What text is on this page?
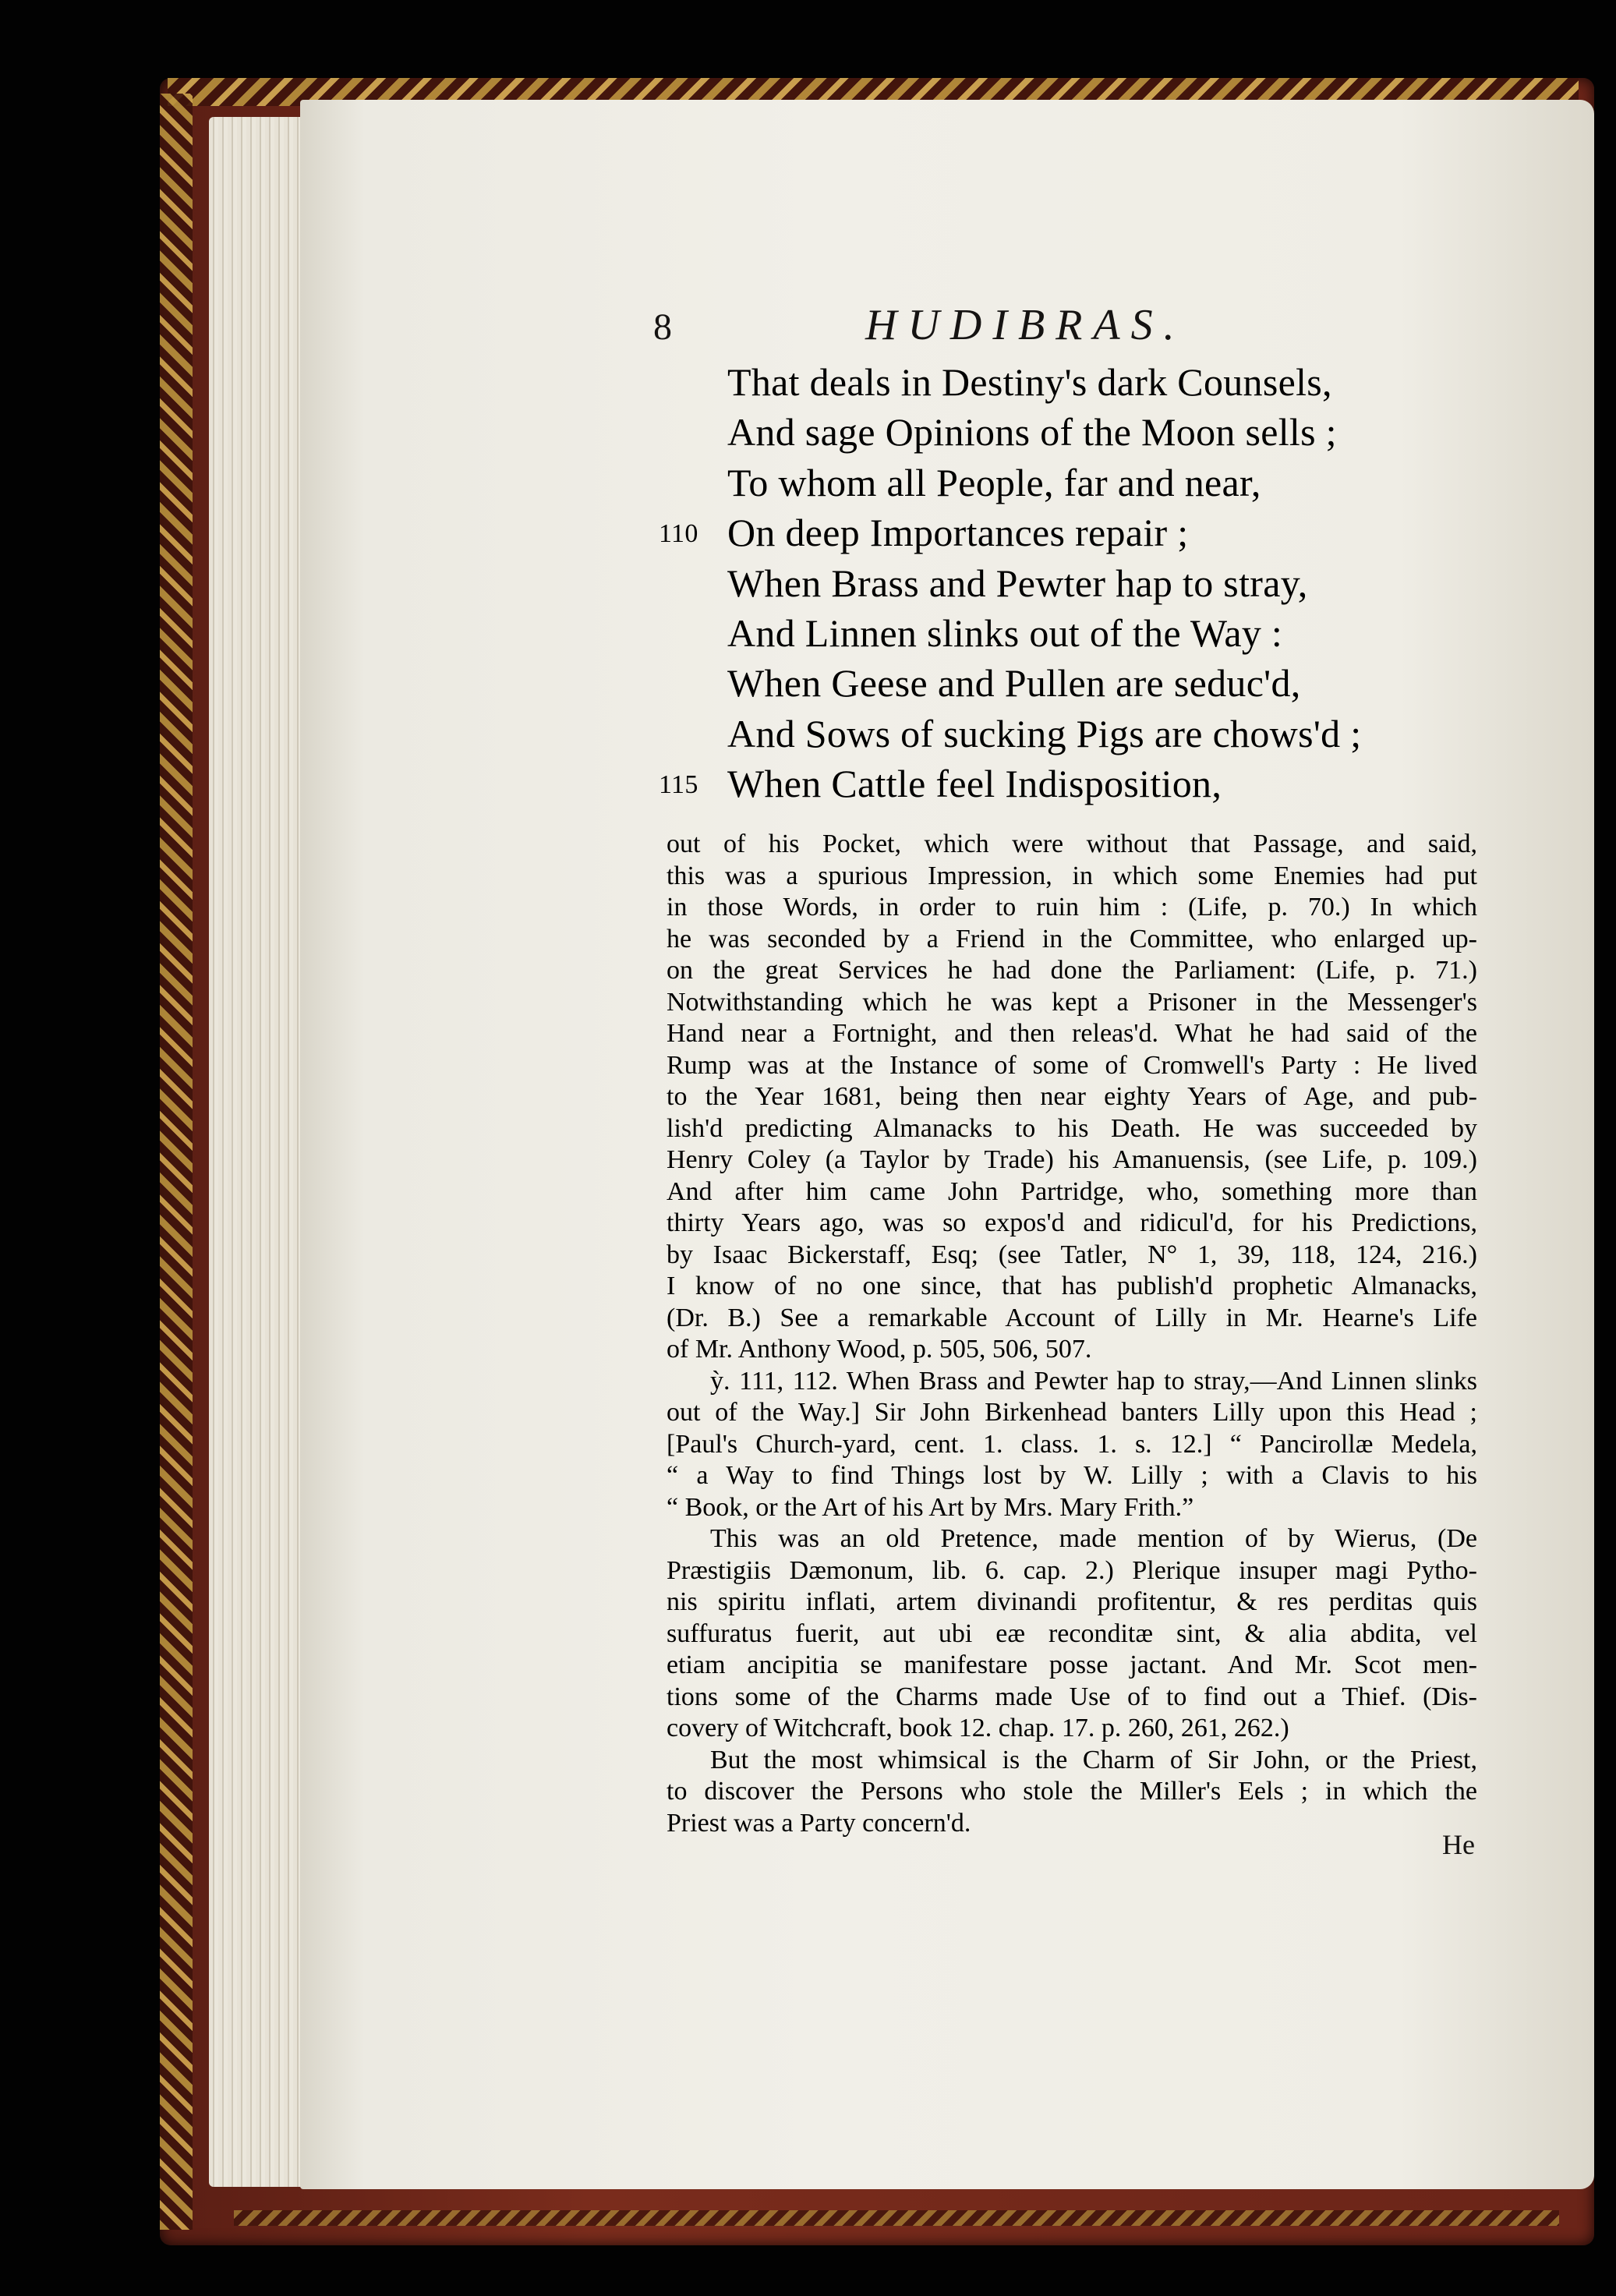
8	HUDIBRAS.
That deals in Destiny's dark Counsels,
And sage Opinions of the Moon sells ;
To whom all People, far and near,
110 On deep Importances repair ;
When Brass and Pewter hap to stray,
And Linnen slinks out of the Way :
When Geese and Pullen are seduc'd,
And Sows of sucking Pigs are chows'd ;
115 When Cattle feel Indisposition,
out of his Pocket, which were without that Passage, and said,
this was a spurious Impression, in which some Enemies had put
in those Words, in order to ruin him : (Life, p. 70.) In which
he was seconded by a Friend in the Committee, who enlarged up-
on the great Services he had done the Parliament: (Life, p. 71.)
Notwithstanding which he was kept a Prisoner in the Messenger's
Hand near a Fortnight, and then releas'd. What he had said of the
Rump was at the Instance of some of Cromwell's Party : He lived
to the Year 1681, being then near eighty Years of Age, and pub-
lish'd predicting Almanacks to his Death. He was succeeded by
Henry Coley (a Taylor by Trade) his Amanuensis, (see Life, p. 109.)
And after him came John Partridge, who, something more than
thirty Years ago, was so expos'd and ridicul'd, for his Predictions,
by Isaac Bickerstaff, Esq; (see Tatler, N° 1, 39, 118, 124, 216.)
I know of no one since, that has publish'd prophetic Almanacks,
(Dr. B.) See a remarkable Account of Lilly in Mr. Hearne's Life
of Mr. Anthony Wood, p. 505, 506, 507.
ỳ. 111, 112. When Brass and Pewter hap to stray,—And Linnen slinks
out of the Way.] Sir John Birkenhead banters Lilly upon this Head ;
[Paul's Church-yard, cent. 1. class. 1. s. 12.] “ Pancirollæ Medela,
“ a Way to find Things lost by W. Lilly ; with a Clavis to his
“ Book, or the Art of his Art by Mrs. Mary Frith.”
This was an old Pretence, made mention of by Wierus, (De
Præstigiis Dæmonum, lib. 6. cap. 2.) Plerique insuper magi Pytho-
nis spiritu inflati, artem divinandi profitentur, & res perditas quis
suffuratus fuerit, aut ubi eæ reconditæ sint, & alia abdita, vel
etiam ancipitia se manifestare posse jactant. And Mr. Scot men-
tions some of the Charms made Use of to find out a Thief. (Dis-
covery of Witchcraft, book 12. chap. 17. p. 260, 261, 262.)
But the most whimsical is the Charm of Sir John, or the Priest,
to discover the Persons who stole the Miller's Eels ; in which the
Priest was a Party concern'd.
He
